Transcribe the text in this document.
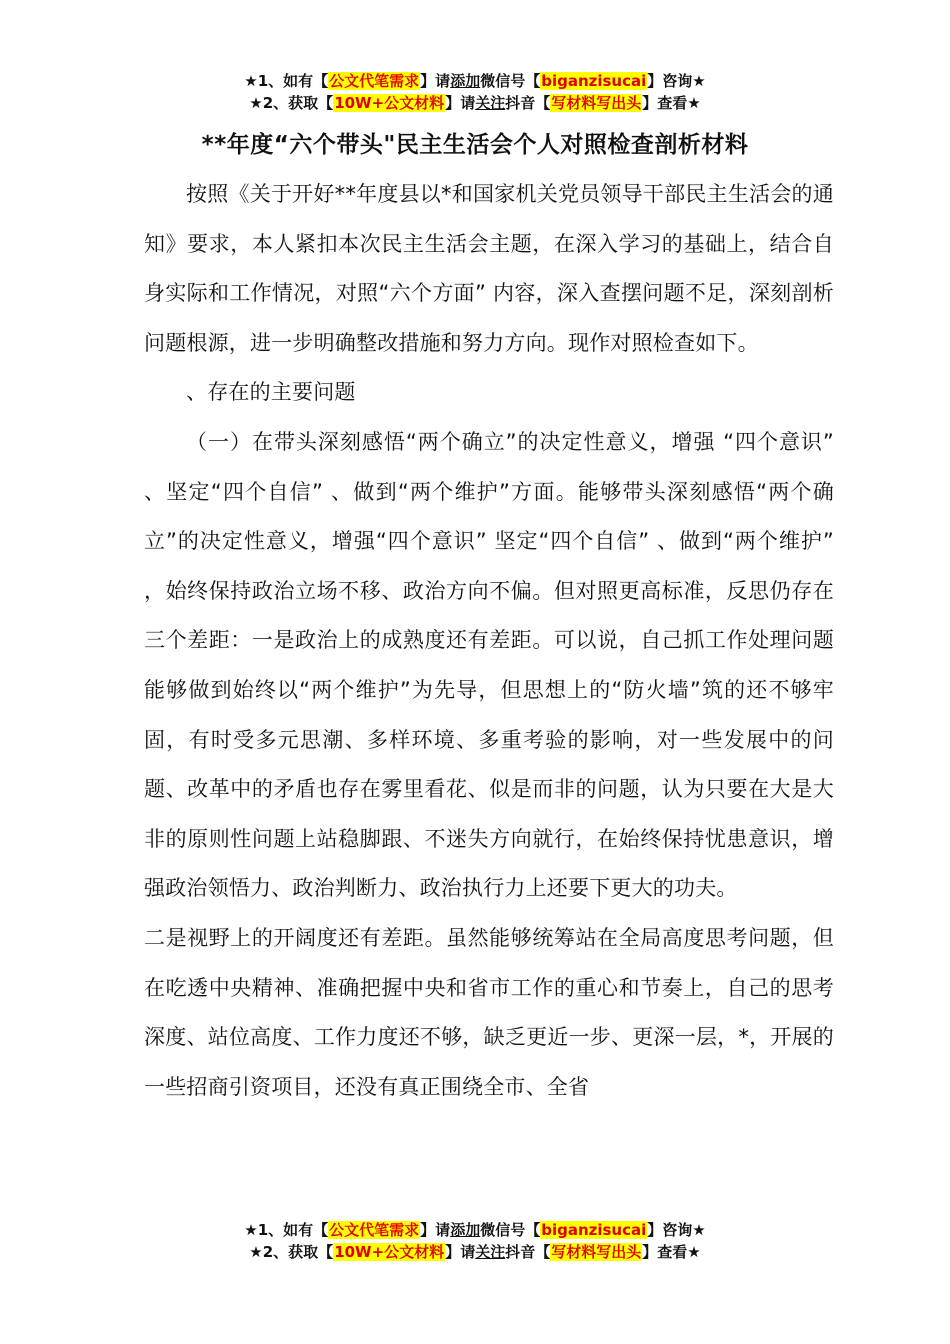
★1、如有【公文代笔需求】请添加微信号【biganzisucai】咨询★
★2、获取【10W+公文材料】请关注抖音【写材料写出头】查看★
**年度“六个带头"民主生活会个人对照检查剖析材料

按照《关于开好**年度县以*和国家机关党员领导干部民主生活会的通知》要求，本人紧扣本次民主生活会主题，在深入学习的基础上，结合自身实际和工作情况，对照“六个方面” 内容，深入查摆问题不足，深刻剖析问题根源，进一步明确整改措施和努力方向。现作对照检查如下。

、存在的主要问题

（一）在带头深刻感悟“两个确立”的决定性意义，增强 “四个意识” 、坚定“四个自信” 、做到“两个维护”方面。能够带头深刻感悟“两个确立”的决定性意义，增强“四个意识” 坚定“四个自信” 、做到“两个维护” ，始终保持政治立场不移、政治方向不偏。但对照更高标准，反思仍存在三个差距：一是政治上的成熟度还有差距。可以说，自己抓工作处理问题能够做到始终以“两个维护”为先导，但思想上的“防火墙”筑的还不够牢固，有时受多元思潮、多样环境、多重考验的影响，对一些发展中的问题、改革中的矛盾也存在雾里看花、似是而非的问题，认为只要在大是大非的原则性问题上站稳脚跟、不迷失方向就行，在始终保持忧患意识，增强政治领悟力、政治判断力、政治执行力上还要下更大的功夫。

二是视野上的开阔度还有差距。虽然能够统筹站在全局高度思考问题，但在吃透中央精神、准确把握中央和省市工作的重心和节奏上，自己的思考深度、站位高度、工作力度还不够，缺乏更近一步、更深一层，*，开展的一些招商引资项目，还没有真正围绕全市、全省

★1、如有【公文代笔需求】请添加微信号【biganzisucai】咨询★
★2、获取【10W+公文材料】请关注抖音【写材料写出头】查看★
